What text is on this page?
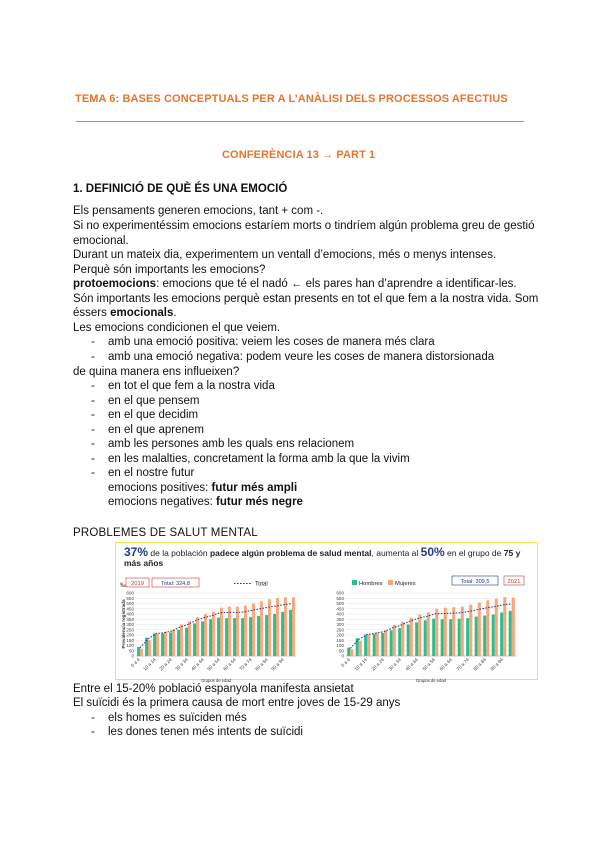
TEMA 6: BASES CONCEPTUALS PER A L’ANÀLISI DELS PROCESSOS AFECTIUS
CONFERÈNCIA 13 → PART 1
1. DEFINICIÓ DE QUÈ ÉS UNA EMOCIÓ
Els pensaments generen emocions, tant + com -.
Si no experimentéssim emocions estaríem morts o tindríem algún problema greu de gestió
emocional.
Durant un mateix dia, experimentem un ventall d’emocions, més o menys intenses.
Perquè són importants les emocions?
protoemocions: emocions que té el nadó ← els pares han d’aprendre a identificar-les.
Són importants les emocions perquè estan presents en tot el que fem a la nostra vida. Som
éssers emocionals.
Les emocions condicionen el que veiem.
- amb una emoció positiva: veiem les coses de manera més clara
- amb una emoció negativa: podem veure les coses de manera distorsionada
de quina manera ens influeixen?
- en tot el que fem a la nostra vida
- en el que pensem
- en el que decidim
- en el que aprenem
- amb les persones amb les quals ens relacionem
- en les malalties, concretament la forma amb la que la vivim
- en el nostre futur
emocions positives: futur més ampli
emocions negatives: futur més negre
PROBLEMES DE SALUT MENTAL
37% de la población padece algún problema de salud mental, aumenta al 50% en el grupo de 75 y
más años
0
50
100
150
200
250
300
350
400
450
500
550
600
0 a 4 10 a 14 20 a 24 30 a 34 40 a 44 50 a 54 60 a 64 70 a 74 80 a 84 90 a 94
Grupos de edad
0
50
100
150
200
250
300
350
400
450
500
550
600
0 a 4 10 a 14 20 a 24 30 a 34 40 a 44 50 a 54 60 a 64 70 a 74 80 a 84 90 a 94
Grupos de edad
‰ 2019	Total: 324,8	Total
Prevalencia registrada
Hombres Mujeres	Total: 309,5	2021
Entre el 15-20% població espanyola manifesta ansietat
El suïcidi és la primera causa de mort entre joves de 15-29 anys
- els homes es suïciden més
- les dones tenen més intents de suïcidi
